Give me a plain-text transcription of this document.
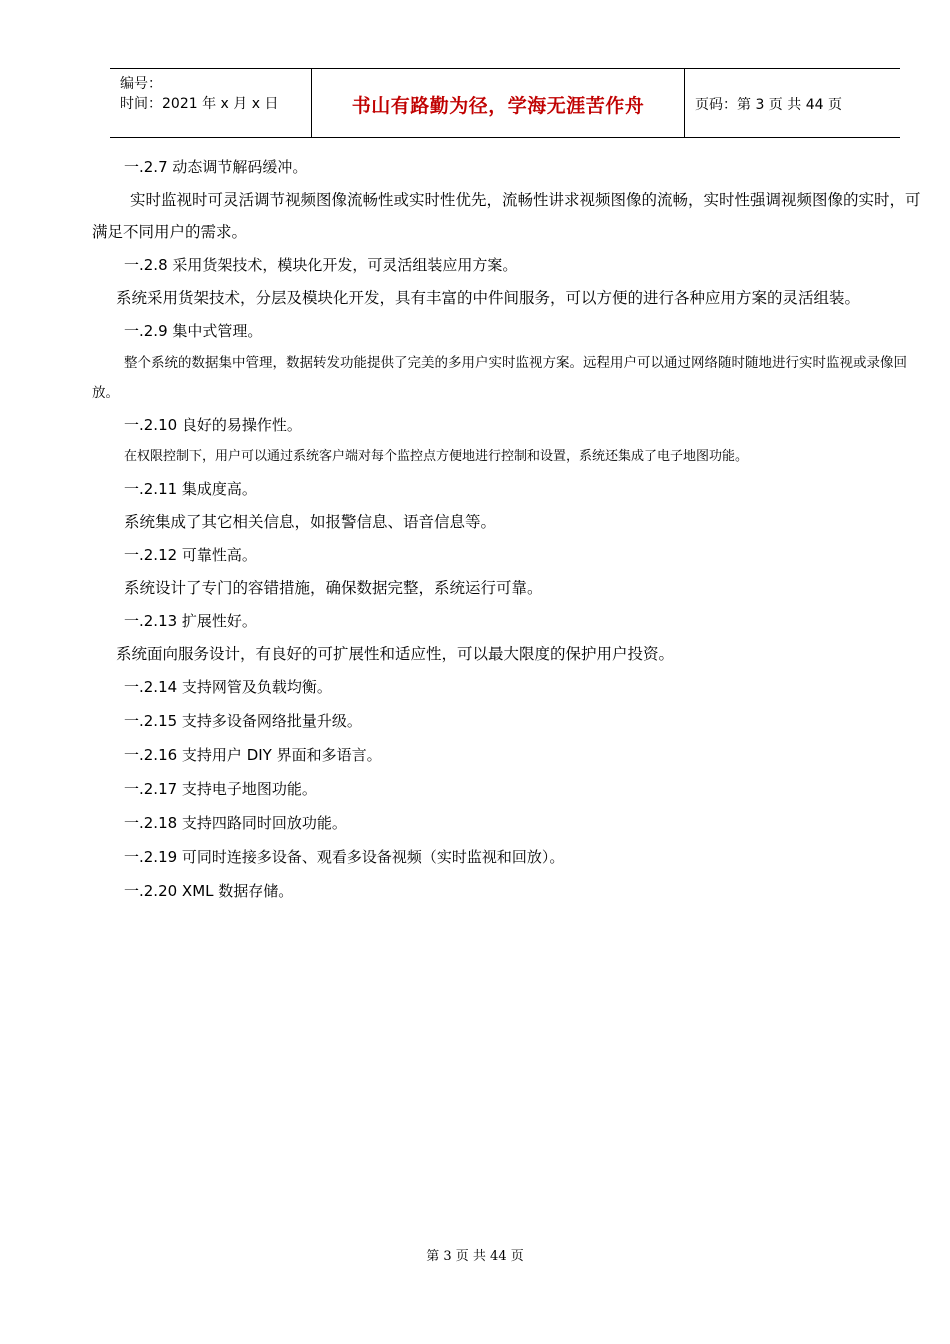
编号：
时间：2021 年 x 月 x 日	书山有路勤为径，学海无涯苦作舟	页码：第 3 页 共 44 页
一.2.7 动态调节解码缓冲。
实时监视时可灵活调节视频图像流畅性或实时性优先，流畅性讲求视频图像的流畅，实时性强调视频图像的实时，可满足不同用户的需求。
一.2.8 采用货架技术，模块化开发，可灵活组装应用方案。
系统采用货架技术，分层及模块化开发，具有丰富的中件间服务，可以方便的进行各种应用方案的灵活组装。
一.2.9 集中式管理。
整个系统的数据集中管理，数据转发功能提供了完美的多用户实时监视方案。远程用户可以通过网络随时随地进行实时监视或录像回放。
一.2.10 良好的易操作性。
在权限控制下，用户可以通过系统客户端对每个监控点方便地进行控制和设置，系统还集成了电子地图功能。
一.2.11 集成度高。
系统集成了其它相关信息，如报警信息、语音信息等。
一.2.12 可靠性高。
系统设计了专门的容错措施，确保数据完整，系统运行可靠。
一.2.13 扩展性好。
系统面向服务设计，有良好的可扩展性和适应性，可以最大限度的保护用户投资。
一.2.14 支持网管及负载均衡。
一.2.15 支持多设备网络批量升级。
一.2.16 支持用户 DIY 界面和多语言。
一.2.17 支持电子地图功能。
一.2.18 支持四路同时回放功能。
一.2.19 可同时连接多设备、观看多设备视频（实时监视和回放）。
一.2.20 XML 数据存储。
第 3 页 共 44 页
